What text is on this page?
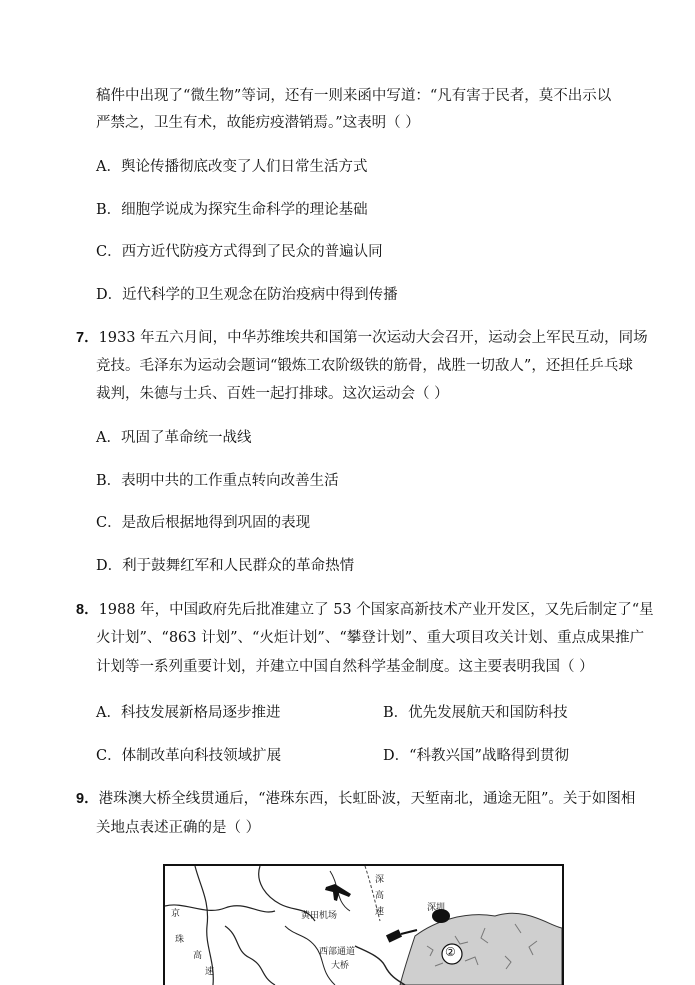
稿件中出现了“微生物”等词，还有一则来函中写道：“凡有害于民者，莫不出示以
严禁之，卫生有术，故能疠疫潜销焉。”这表明（ ）
A．舆论传播彻底改变了人们日常生活方式
B．细胞学说成为探究生命科学的理论基础
C．西方近代防疫方式得到了民众的普遍认同
D．近代科学的卫生观念在防治疫病中得到传播
7．1933 年五六月间，中华苏维埃共和国第一次运动大会召开，运动会上军民互动，同场
竞技。毛泽东为运动会题词“锻炼工农阶级铁的筋骨，战胜一切敌人”，还担任乒乓球
裁判，朱德与士兵、百姓一起打排球。这次运动会（ ）
A．巩固了革命统一战线
B．表明中共的工作重点转向改善生活
C．是敌后根据地得到巩固的表现
D．利于鼓舞红军和人民群众的革命热情
8．1988 年，中国政府先后批准建立了 53 个国家高新技术产业开发区，又先后制定了“星
火计划”、“863 计划”、“火炬计划”、“攀登计划”、重大项目攻关计划、重点成果推广
计划等一系列重要计划，并建立中国自然科学基金制度。这主要表明我国（ ）
A．科技发展新格局逐步推进	B．优先发展航天和国防科技
C．体制改革向科技领域扩展	D．“科教兴国”战略得到贯彻
9．港珠澳大桥全线贯通后，“港珠东西，长虹卧波，天堑南北，通途无阻”。关于如图相
关地点表述正确的是（ ）
京
珠
高
速
深
高
速
黄田机场
深圳
西部通道
大桥
②
